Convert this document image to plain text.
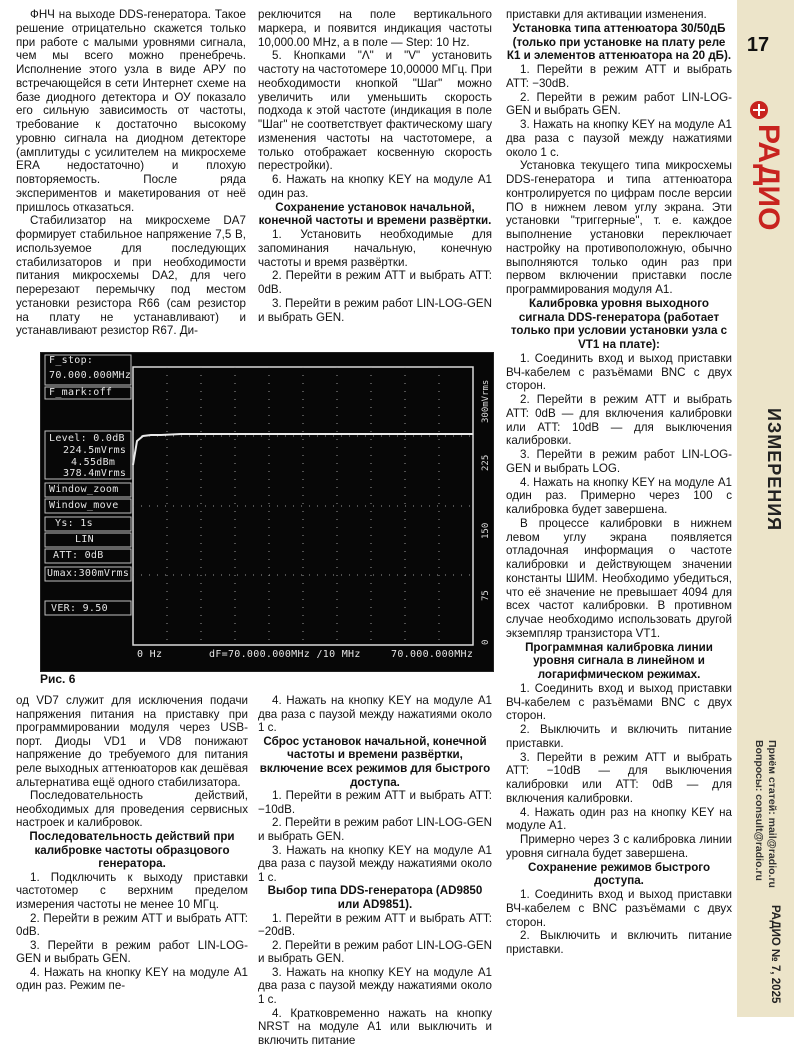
ФНЧ на выходе DDS-генератора. Такое решение отрицательно скажется только при работе с малыми уровнями сигнала, чем мы всего можно пренебречь. Исполнение этого узла в виде АРУ по встречающейся в сети Интернет схеме на базе диодного детектора и ОУ показало его сильную зависимость от частоты, требование к достаточно высокому уровню сигнала на диодном детекторе (амплитуды с усилителем на микросхеме ERA недостаточно) и плохую повторяемость. После ряда экспериментов и макетирования от неё пришлось отказаться.

Стабилизатор на микросхеме DA7 формирует стабильное напряжение 7,5 В, используемое для последующих стабилизаторов и при необходимости питания микросхемы DA2, для чего перерезают перемычку под местом установки резистора R66 (сам резистор на плату не устанавливают) и устанавливают резистор R67. Ди-

реключится на поле вертикального маркера, и появится индикация частоты 10,000.00 MHz, а в поле — Step: 10 Hz.

5. Кнопками "Λ" и "V" установить частоту на частотомере 10,00000 МГц. При необходимости кнопкой "Шаг" можно увеличить или уменьшить скорость подхода к этой частоте (индикация в поле "Шаг" не соответствует фактическому шагу изменения частоты на частотомере, а только отображает косвенную скорость перестройки).

6. Нажать на кнопку KEY на модуле A1 один раз.

Сохранение установок начальной, конечной частоты и времени развёртки.

1. Установить необходимые для запоминания начальную, конечную частоты и время развёртки.

2. Перейти в режим ATT и выбрать ATT: 0dB.

3. Перейти в режим работ LIN-LOG-GEN и выбрать GEN.

приставки для активации изменения.

Установка типа аттенюатора 30/50дБ (только при установке на плату реле К1 и элементов аттенюатора на 20 дБ).

1. Перейти в режим ATT и выбрать ATT: −30dB.

2. Перейти в режим работ LIN-LOG-GEN и выбрать GEN.

3. Нажать на кнопку KEY на модуле A1 два раза с паузой между нажатиями около 1 с.

Установка текущего типа микросхемы DDS-генератора и типа аттенюатора контролируется по цифрам после версии ПО в нижнем левом углу экрана. Эти установки "триггерные", т. е. каждое выполнение установки переключает настройку на противоположную, обычно выполняются только один раз при первом включении приставки после программирования модуля A1.

Калибровка уровня выходного сигнала DDS-генератора (работает только при условии установки узла с VT1 на плате):

1. Соединить вход и выход приставки ВЧ-кабелем с разъёмами BNC с двух сторон.

2. Перейти в режим ATT и выбрать ATT: 0dB — для включения калибровки или ATT: 10dB — для выключения калибровки.

3. Перейти в режим работ LIN-LOG-GEN и выбрать LOG.

4. Нажать на кнопку KEY на модуле A1 один раз. Примерно через 100 с калибровка будет завершена.

В процессе калибровки в нижнем левом углу экрана появляется отладочная информация о частоте калибровки и действующем значении константы ШИМ. Необходимо убедиться, что её значение не превышает 4094 для всех частот калибровки. В противном случае необходимо использовать другой экземпляр транзистора VT1.

Программная калибровка линии уровня сигнала в линейном и логарифмическом режимах.

1. Соединить вход и выход приставки ВЧ-кабелем с разъёмами BNC с двух сторон.

2. Выключить и включить питание приставки.

3. Перейти в режим ATT и выбрать ATT: −10dB — для выключения калибровки или ATT: 0dB — для включения калибровки.

4. Нажать один раз на кнопку KEY на модуле A1.

Примерно через 3 с калибровка линии уровня сигнала будет завершена.

Сохранение режимов быстрого доступа.

1. Соединить вход и выход приставки ВЧ-кабелем с BNC разъёмами с двух сторон.

2. Выключить и включить питание приставки.

F_stop:
70.000.000MHz
F_mark:off
Level: 0.0dB
224.5mVrms
4.55dBm
378.4mVrms
Window_zoom
Window_move
Ys: 1s
LIN
ATT: 0dB
Umax:300mVrms
VER: 9.50
0 Hz	dF=70.000.000MHz /10 MHz	70.000.000MHz
300mVrms
225
150
75
0
Рис. 6

од VD7 служит для исключения подачи напряжения питания на приставку при программировании модуля через USB-порт. Диоды VD1 и VD8 понижают напряжение до требуемого для питания реле выходных аттенюаторов как дешёвая альтернатива ещё одного стабилизатора.

Последовательность действий, необходимых для проведения сервисных настроек и калибровок.

Последовательность действий при калибровке частоты образцового генератора.

1. Подключить к выходу приставки частотомер с верхним пределом измерения частоты не менее 10 МГц.

2. Перейти в режим ATT и выбрать ATT: 0dB.

3. Перейти в режим работ LIN-LOG-GEN и выбрать GEN.

4. Нажать на кнопку KEY на модуле A1 один раз. Режим пе-

4. Нажать на кнопку KEY на модуле A1 два раза с паузой между нажатиями около 1 с.

Сброс установок начальной, конечной частоты и времени развёртки, включение всех режимов для быстрого доступа.

1. Перейти в режим ATT и выбрать ATT: −10dB.

2. Перейти в режим работ LIN-LOG-GEN и выбрать GEN.

3. Нажать на кнопку KEY на модуле A1 два раза с паузой между нажатиями около 1 с.

Выбор типа DDS-генератора (AD9850 или AD9851).

1. Перейти в режим ATT и выбрать ATT: −20dB.

2. Перейти в режим работ LIN-LOG-GEN и выбрать GEN.

3. Нажать на кнопку KEY на модуле A1 два раза с паузой между нажатиями около 1 с.

4. Кратковременно нажать на кнопку NRST на модуле A1 или выключить и включить питание

17
РАДИО
ИЗМЕРЕНИЯ
Приём статей: mail@radio.ru
Вопросы: consult@radio.ru
РАДИО № 7, 2025
